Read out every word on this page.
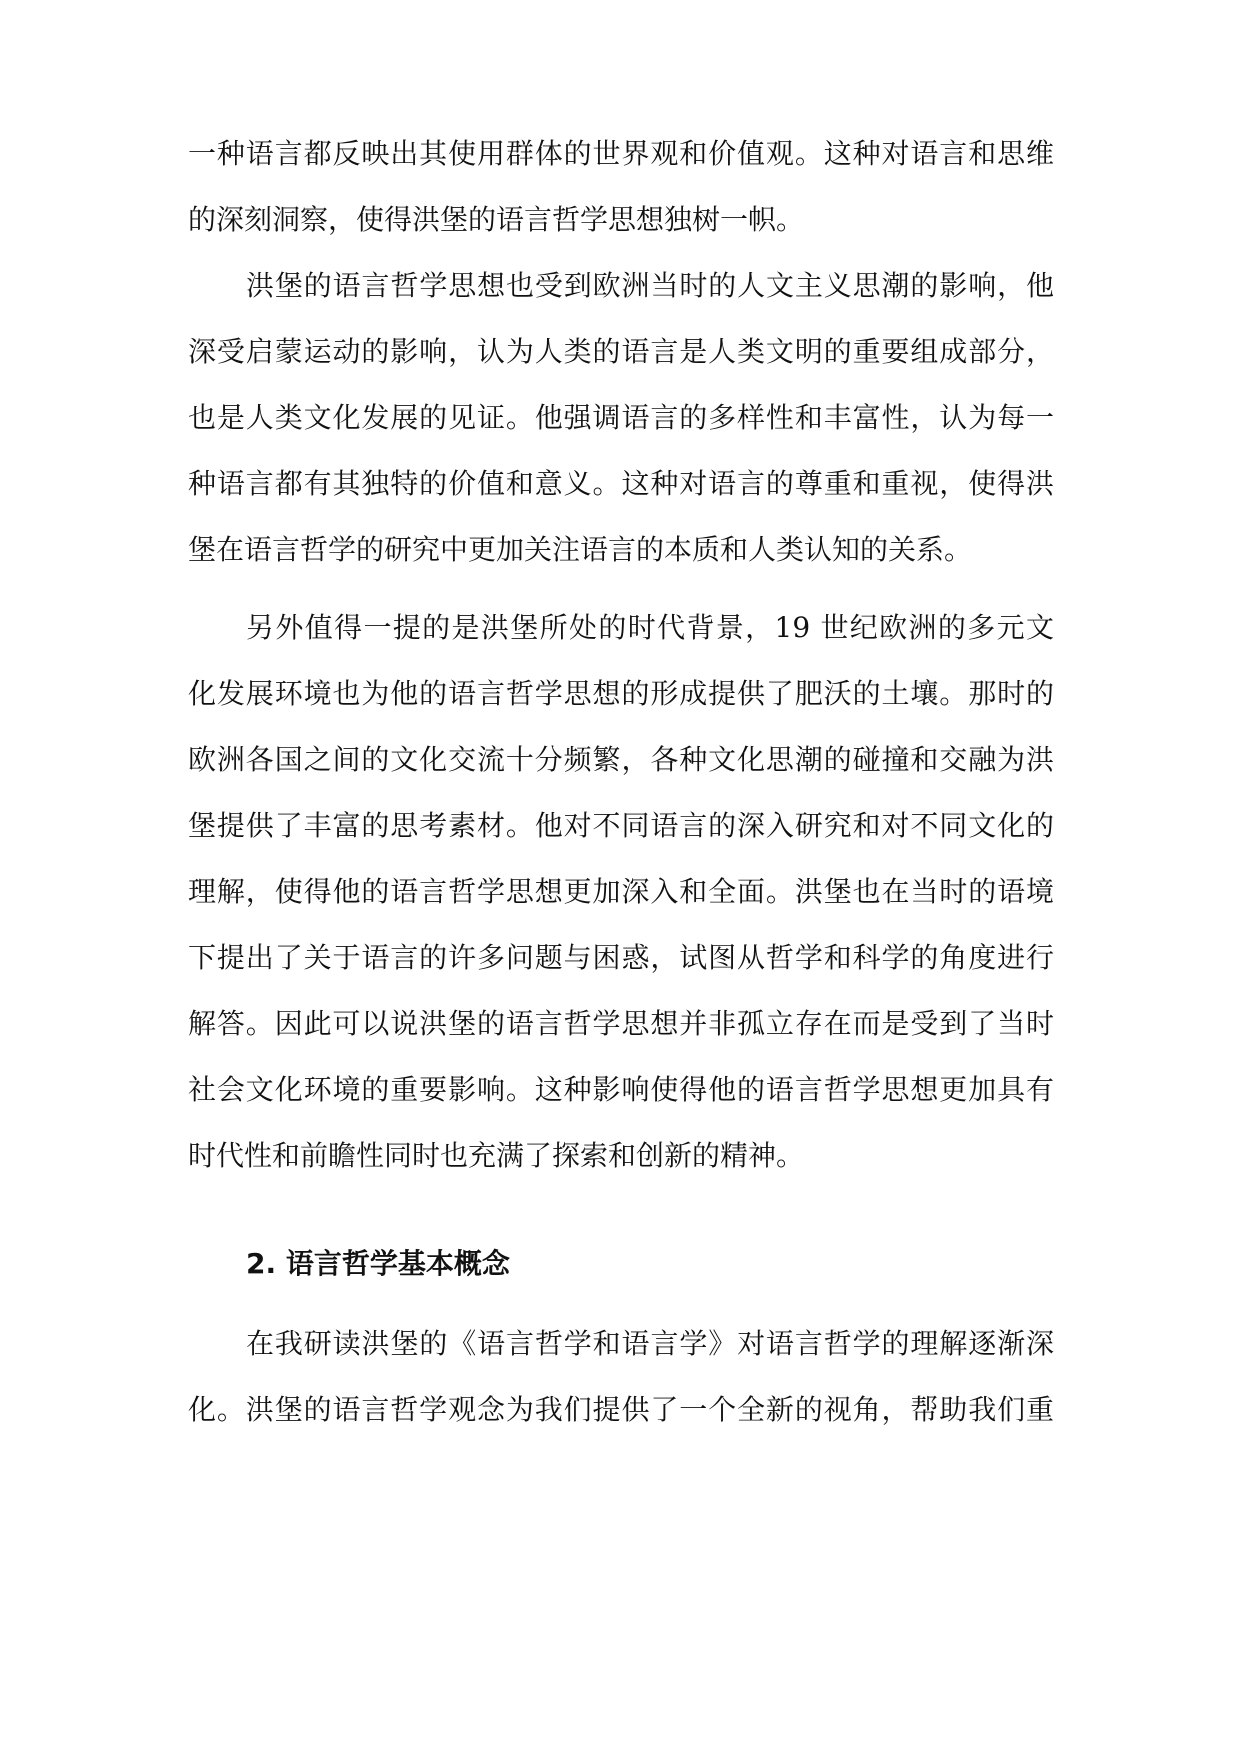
一种语言都反映出其使用群体的世界观和价值观。这种对语言和思维
的深刻洞察，使得洪堡的语言哲学思想独树一帜。
洪堡的语言哲学思想也受到欧洲当时的人文主义思潮的影响，他
深受启蒙运动的影响，认为人类的语言是人类文明的重要组成部分，
也是人类文化发展的见证。他强调语言的多样性和丰富性，认为每一
种语言都有其独特的价值和意义。这种对语言的尊重和重视，使得洪
堡在语言哲学的研究中更加关注语言的本质和人类认知的关系。
另外值得一提的是洪堡所处的时代背景，19 世纪欧洲的多元文
化发展环境也为他的语言哲学思想的形成提供了肥沃的土壤。那时的
欧洲各国之间的文化交流十分频繁，各种文化思潮的碰撞和交融为洪
堡提供了丰富的思考素材。他对不同语言的深入研究和对不同文化的
理解，使得他的语言哲学思想更加深入和全面。洪堡也在当时的语境
下提出了关于语言的许多问题与困惑，试图从哲学和科学的角度进行
解答。因此可以说洪堡的语言哲学思想并非孤立存在而是受到了当时
社会文化环境的重要影响。这种影响使得他的语言哲学思想更加具有
时代性和前瞻性同时也充满了探索和创新的精神。
2. 语言哲学基本概念
在我研读洪堡的《语言哲学和语言学》对语言哲学的理解逐渐深
化。洪堡的语言哲学观念为我们提供了一个全新的视角，帮助我们重
